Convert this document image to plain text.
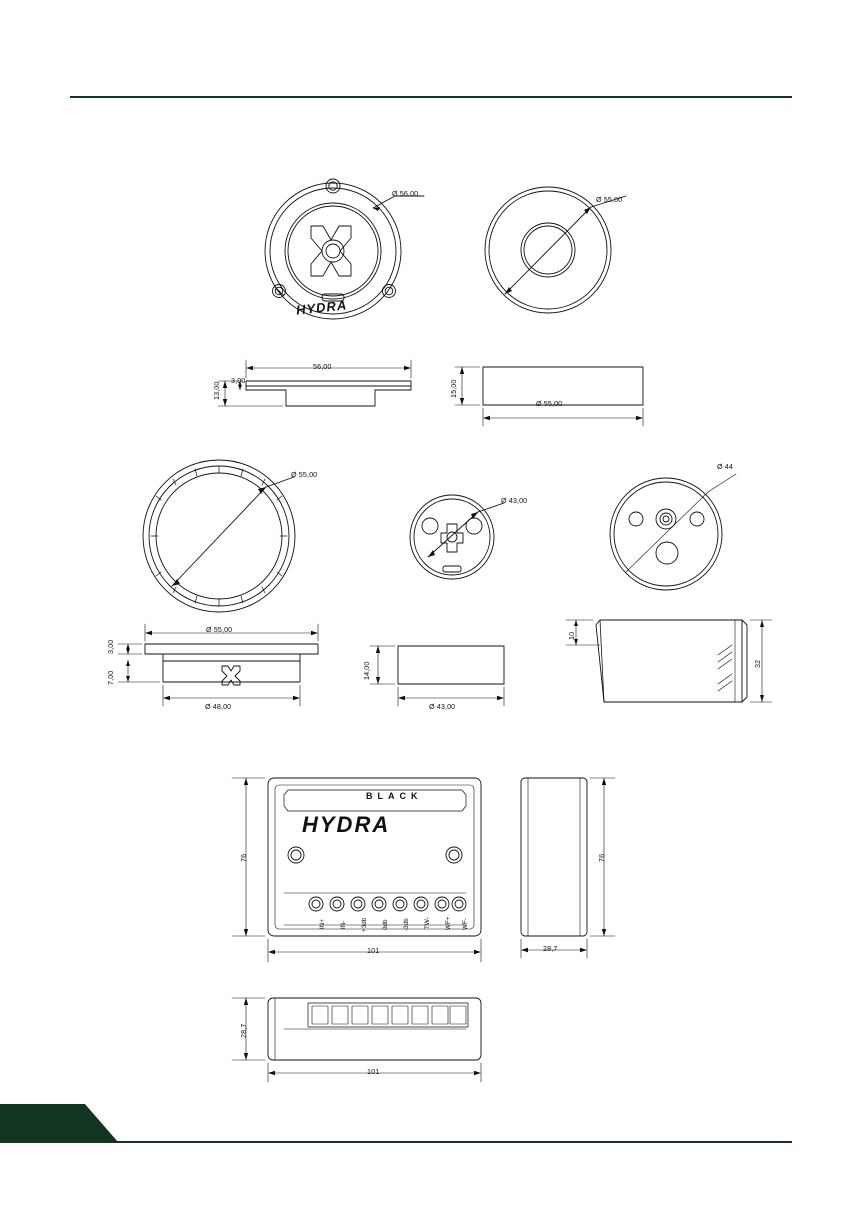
Ø 56,00
HYDRA
Ø 55,00
56,00
13,00
3,00	15,00
Ø 55,00
Ø 55,00
Ø 43,00
Ø 44
Ø 55,00
3,00
7,00
Ø 48,00
14,00
Ø 43,00
10
32
76
101
BLACK
HYDRA
IN+ IN- +3db 0db -3db TW- WF+ WF-
76
28,7
28,7
101
